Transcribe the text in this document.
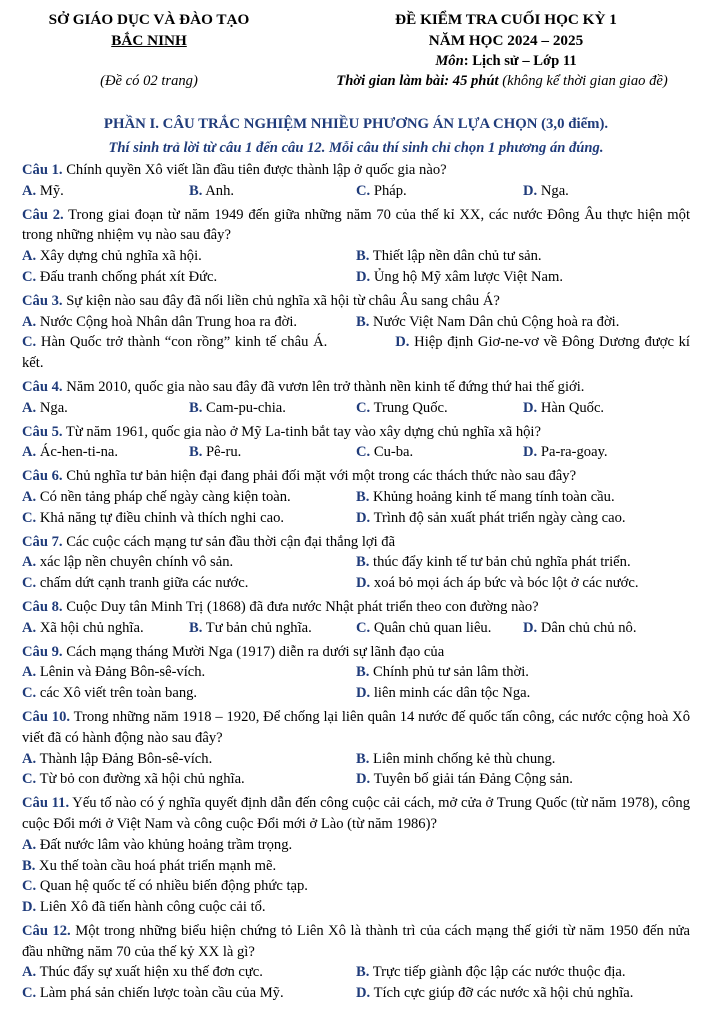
SỞ GIÁO DỤC VÀ ĐÀO TẠO
BẮC NINH
(Đề có 02 trang)
ĐỀ KIỂM TRA CUỐI HỌC KỲ 1
NĂM HỌC 2024 – 2025
Môn: Lịch sử – Lớp 11
Thời gian làm bài: 45 phút (không kể thời gian giao đề)
PHẦN I. CÂU TRẮC NGHIỆM NHIỀU PHƯƠNG ÁN LỰA CHỌN (3,0 điểm).
Thí sinh trả lời từ câu 1 đến câu 12. Mỗi câu thí sinh chỉ chọn 1 phương án đúng.

Câu 1. Chính quyền Xô viết lần đầu tiên được thành lập ở quốc gia nào?

A. Mỹ.	B. Anh.	C. Pháp.	D. Nga.

Câu 2. Trong giai đoạn từ năm 1949 đến giữa những năm 70 của thế kỉ XX, các nước Đông Âu thực hiện một trong những nhiệm vụ nào sau đây?

A. Xây dựng chủ nghĩa xã hội.	B. Thiết lập nền dân chủ tư sản.
C. Đấu tranh chống phát xít Đức.	D. Ủng hộ Mỹ xâm lược Việt Nam.

Câu 3. Sự kiện nào sau đây đã nối liền chủ nghĩa xã hội từ châu Âu sang châu Á?

A. Nước Cộng hoà Nhân dân Trung hoa ra đời.	B. Nước Việt Nam Dân chủ Cộng hoà ra đời.
C. Hàn Quốc trở thành “con rồng” kinh tế châu Á.	D. Hiệp định Giơ-ne-vơ về Đông Dương được kí kết.

Câu 4. Năm 2010, quốc gia nào sau đây đã vươn lên trở thành nền kinh tế đứng thứ hai thế giới.

A. Nga.	B. Cam-pu-chia.	C. Trung Quốc.	D. Hàn Quốc.

Câu 5. Từ năm 1961, quốc gia nào ở Mỹ La-tinh bắt tay vào xây dựng chủ nghĩa xã hội?

A. Ác-hen-ti-na.	B. Pê-ru.	C. Cu-ba.	D. Pa-ra-goay.

Câu 6. Chủ nghĩa tư bản hiện đại đang phải đối mặt với một trong các thách thức nào sau đây?

A. Có nền tảng pháp chế ngày càng kiện toàn.	B. Khủng hoảng kinh tế mang tính toàn cầu.
C. Khả năng tự điều chỉnh và thích nghi cao.	D. Trình độ sản xuất phát triển ngày càng cao.

Câu 7. Các cuộc cách mạng tư sản đầu thời cận đại thắng lợi đã

A. xác lập nền chuyên chính vô sản.	B. thúc đẩy kinh tế tư bản chủ nghĩa phát triển.
C. chấm dứt cạnh tranh giữa các nước.	D. xoá bỏ mọi ách áp bức và bóc lột ở các nước.

Câu 8. Cuộc Duy tân Minh Trị (1868) đã đưa nước Nhật phát triển theo con đường nào?

A. Xã hội chủ nghĩa.	B. Tư bản chủ nghĩa.	C. Quân chủ quan liêu.	D. Dân chủ chủ nô.

Câu 9. Cách mạng tháng Mười Nga (1917) diễn ra dưới sự lãnh đạo của

A. Lênin và Đảng Bôn-sê-vích.	B. Chính phủ tư sản lâm thời.
C. các Xô viết trên toàn bang.	D. liên minh các dân tộc Nga.

Câu 10. Trong những năm 1918 – 1920, Để chống lại liên quân 14 nước đế quốc tấn công, các nước cộng hoà Xô viết đã có hành động nào sau đây?

A. Thành lập Đảng Bôn-sê-vích.	B. Liên minh chống kẻ thù chung.
C. Từ bỏ con đường xã hội chủ nghĩa.	D. Tuyên bố giải tán Đảng Cộng sản.

Câu 11. Yếu tố nào có ý nghĩa quyết định dẫn đến công cuộc cải cách, mở cửa ở Trung Quốc (từ năm 1978), công cuộc Đổi mới ở Việt Nam và công cuộc Đổi mới ở Lào (từ năm 1986)?

A. Đất nước lâm vào khủng hoảng trầm trọng.
B. Xu thế toàn cầu hoá phát triển mạnh mẽ.
C. Quan hệ quốc tế có nhiều biến động phức tạp.
D. Liên Xô đã tiến hành công cuộc cải tổ.

Câu 12. Một trong những biểu hiện chứng tỏ Liên Xô là thành trì của cách mạng thế giới từ năm 1950 đến nửa đầu những năm 70 của thế kỷ XX là gì?

A. Thúc đẩy sự xuất hiện xu thế đơn cực.	B. Trực tiếp giành độc lập các nước thuộc địa.
C. Làm phá sản chiến lược toàn cầu của Mỹ.	D. Tích cực giúp đỡ các nước xã hội chủ nghĩa.
